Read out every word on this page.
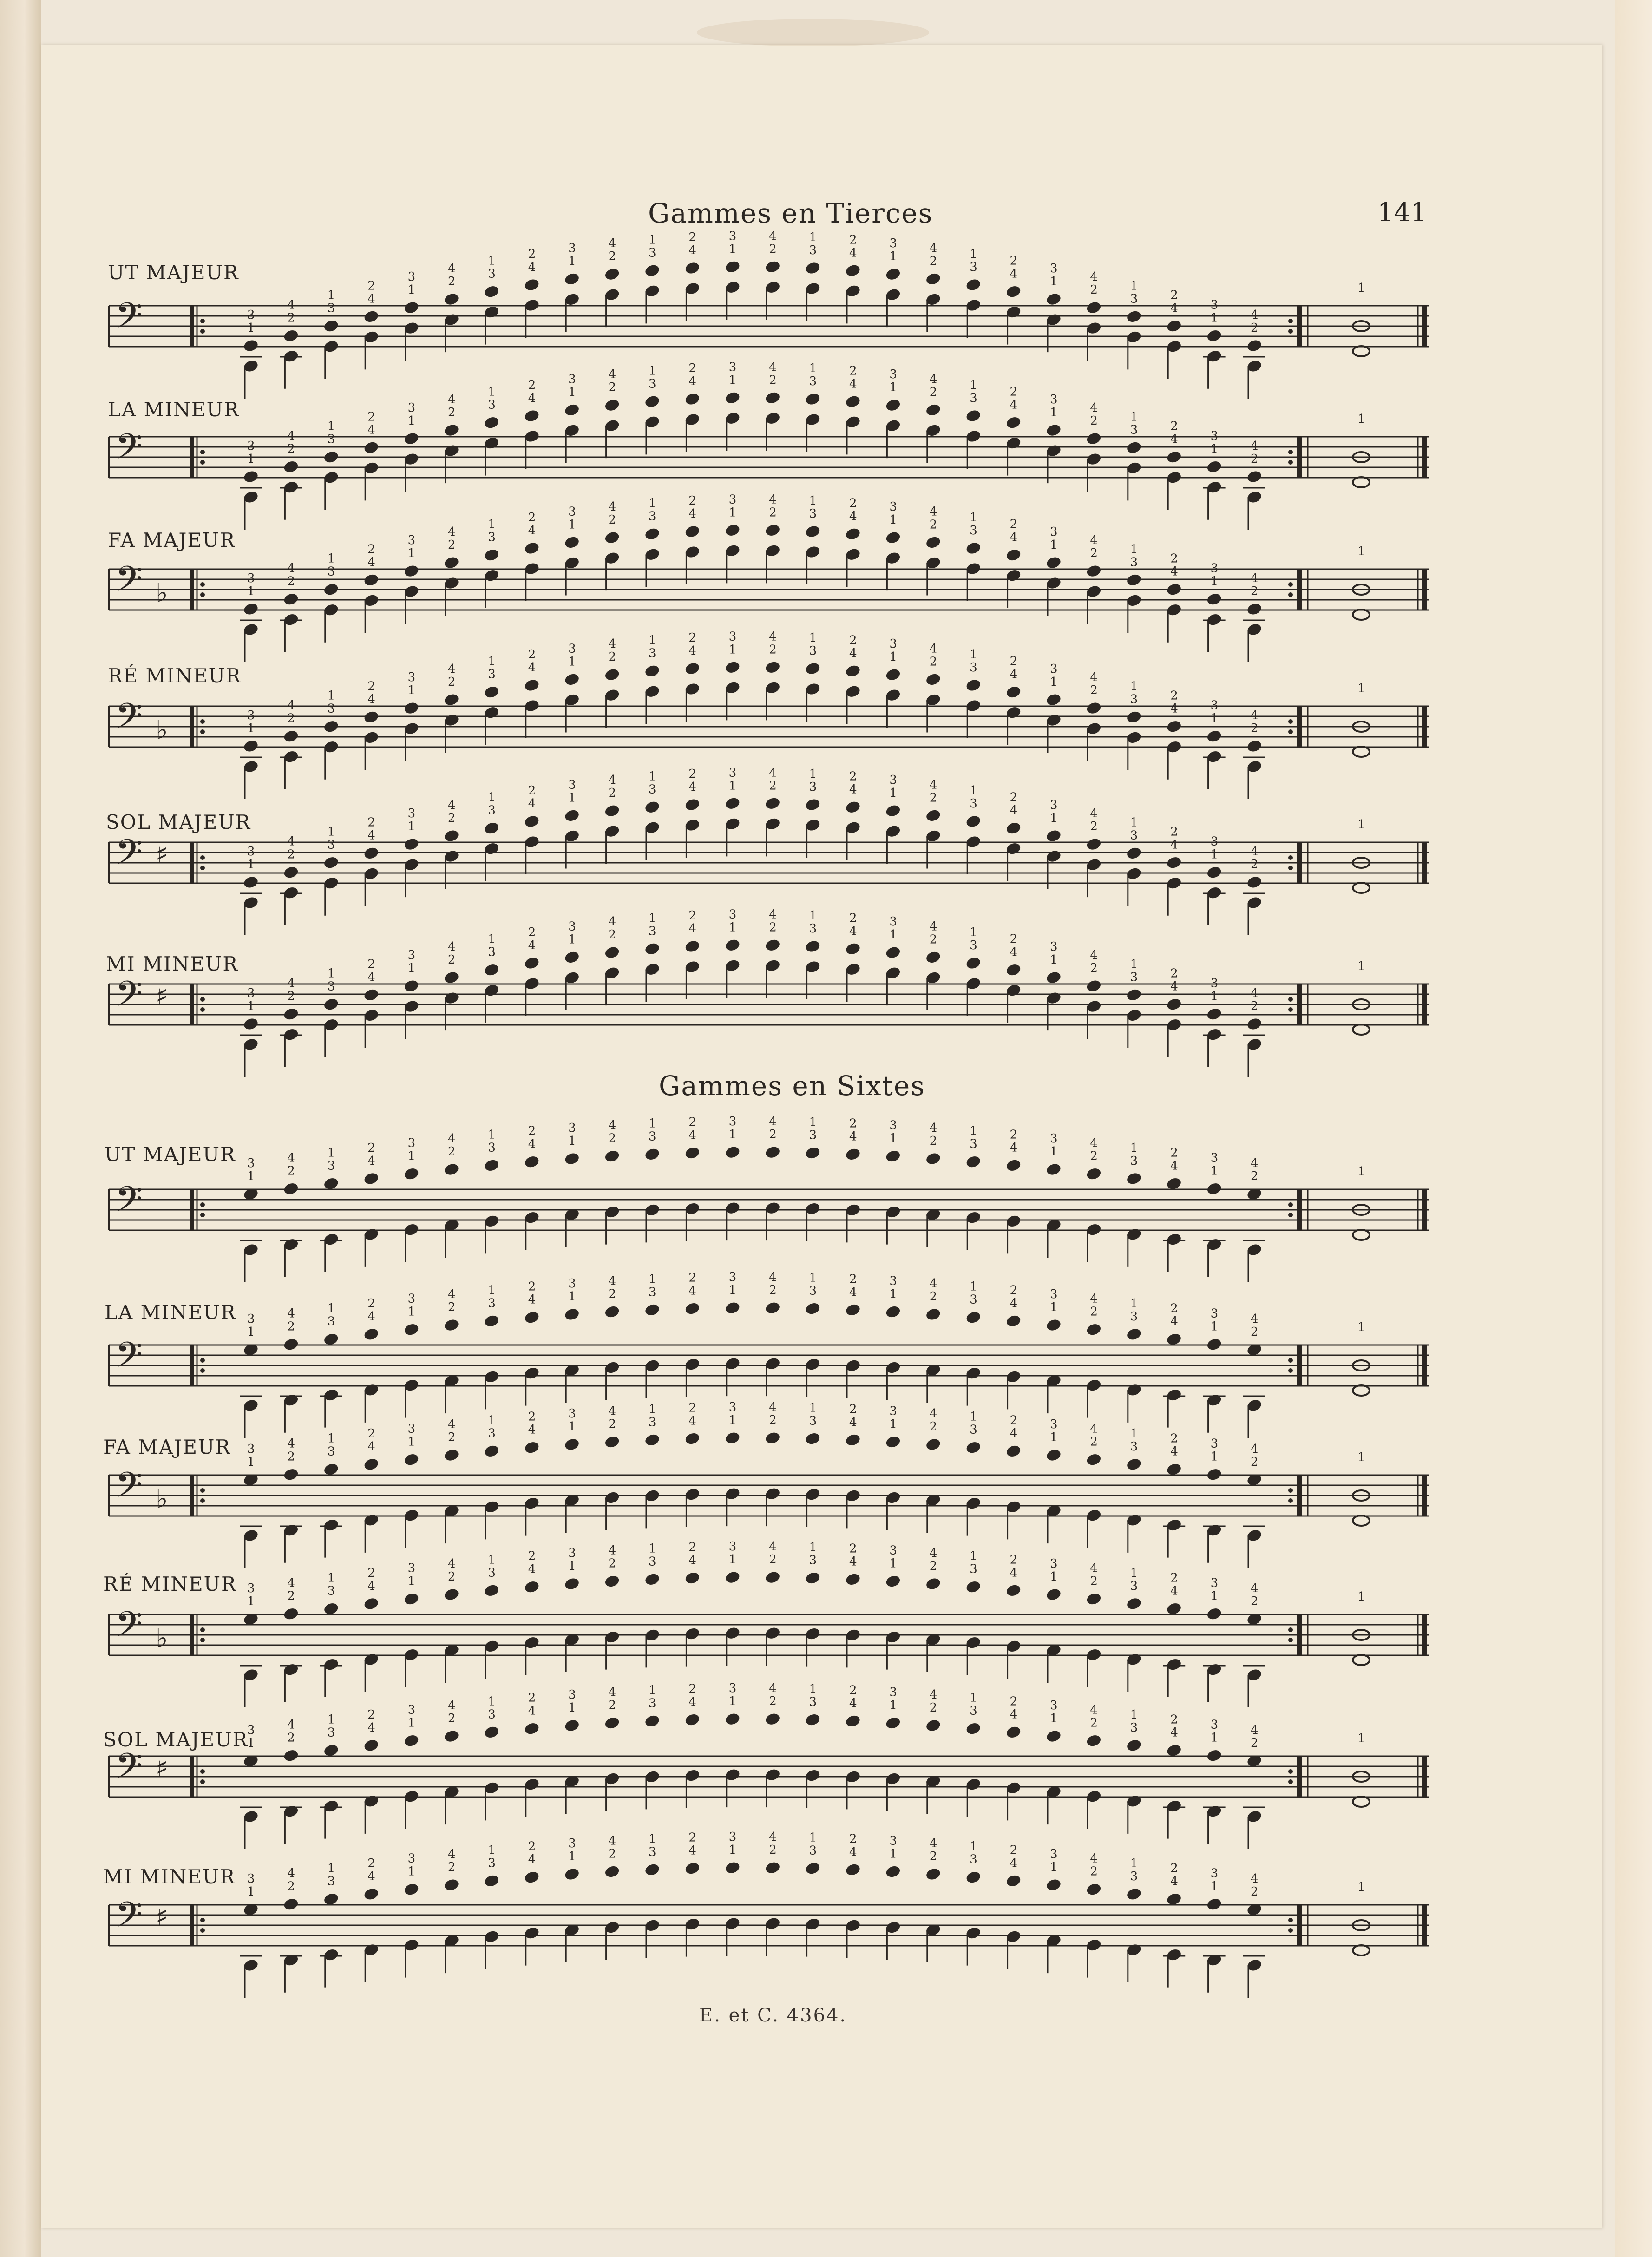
Gammes en Tierces	141
Gammes en Sixtes
UT MAJEUR
LA MINEUR
FA MAJEUR
RÉ MINEUR
SOL MAJEUR
MI MINEUR
UT MAJEUR
LA MINEUR
FA MAJEUR
RÉ MINEUR
SOL MAJEUR
MI MINEUR
𝄢	1
3	2
4	3
1	4
2	1
3	2
4	3
1	4
2
1
3
2
4
3
1
4
2
1
3
2
4
3
1
4
2
1
3
2
4
3
1
4
2
1
3
2
4
3
1
4
2
1
3
2
4
1
𝄢	1
3	2
4	3
1	4
2	1
3	2
4	3
1	4
2
1
3
2
4
3
1
4
2
1
3
2
4
3
1
4
2
1
3
2
4
3
1
4
2
1
3
2
4
3
1
4
2
1
3
2
4
1
𝄢 ♭	1
3	2
4	3
1	4
2	1
3	2
4	3
1	4
2
1
3
2
4
3
1
4
2
1
3
2
4
3
1
4
2
1
3
2
4
3
1
4
2
1
3
2
4
3
1
4
2
1
3
2
4
1
𝄢 ♭	1
3	2
4	3
1	4
2	1
3	2
4	3
1	4
2
1
3
2
4
3
1
4
2
1
3
2
4
3
1
4
2
1
3
2
4
3
1
4
2
1
3
2
4
3
1
4
2
1
3
2
4
1
𝄢 ♯	1
3	2
4	3
1	4
2	1
3	2
4	3
1	4
2
1
3
2
4
3
1
4
2
1
3
2
4
3
1
4
2
1
3
2
4
3
1
4
2
1
3
2
4
3
1
4
2
1
3
2
4
1
𝄢 ♯	1
3	2
4	3
1	4
2	1
3	2
4	3
1	4
2
1
3
2
4
3
1
4
2
1
3
2
4
3
1
4
2
1
3
2
4
3
1
4
2
1
3
2
4
3
1
4
2
1
3
2
4
1
𝄢
1
3
2
4
3
1
4
2
1
3
2
4
3
1
4
2
1
3
2
4
3
1
4
2
1
3
2
4
3
1
4
2
1
3
2
4
3
1
4
2
1
3
2
4
3
1
4
2
1
3
2
4
1
𝄢
1
3
2
4
3
1
4
2
1
3
2
4
3
1
4
2
1
3
2
4
3
1
4
2
1
3
2
4
3
1
4
2
1
3
2
4
3
1
4
2
1
3
2
4
3
1
4
2
1
3
2
4
1
𝄢 ♭
1
3
2
4
3
1
4
2
1
3
2
4
3
1
4
2
1
3
2
4
3
1
4
2
1
3
2
4
3
1
4
2
1
3
2
4
3
1
4
2
1
3
2
4
3
1
4
2
1
3
2
4
1
𝄢 ♭
1
3
2
4
3
1
4
2
1
3
2
4
3
1
4
2
1
3
2
4
3
1
4
2
1
3
2
4
3
1
4
2
1
3
2
4
3
1
4
2
1
3
2
4
3
1
4
2
1
3
2
4
1
𝄢 ♯
1
3
2
4
3
1
4
2
1
3
2
4
3
1
4
2
1
3
2
4
3
1
4
2
1
3
2
4
3
1
4
2
1
3
2
4
3
1
4
2
1
3
2
4
3
1
4
2
1
3
2
4
1
𝄢 ♯
1
3
2
4
3
1
4
2
1
3
2
4
3
1
4
2
1
3
2
4
3
1
4
2
1
3
2
4
3
1
4
2
1
3
2
4
3
1
4
2
1
3
2
4
3
1
4
2
1
3
2
4
1
E. et C. 4364.
